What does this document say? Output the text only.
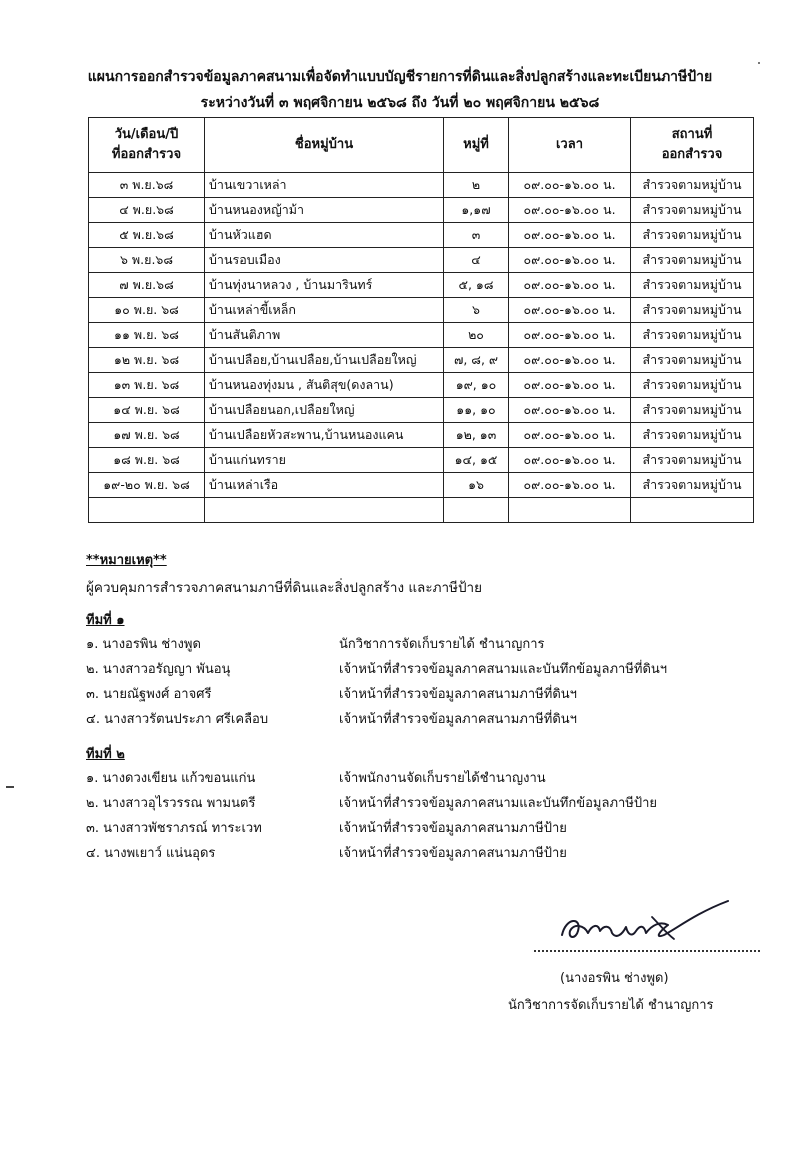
แผนการออกสำรวจข้อมูลภาคสนามเพื่อจัดทำแบบบัญชีรายการที่ดินและสิ่งปลูกสร้างและทะเบียนภาษีป้าย
ระหว่างวันที่ ๓ พฤศจิกายน ๒๕๖๘ ถึง วันที่ ๒๐ พฤศจิกายน ๒๕๖๘
วัน/เดือน/ปี
ที่ออกสำรวจ	ชื่อหมู่บ้าน	หมู่ที่	เวลา	สถานที่
ออกสำรวจ
๓ พ.ย.๖๘	บ้านเขวาเหล่า	๒	๐๙.๐๐-๑๖.๐๐ น.	สำรวจตามหมู่บ้าน
๔ พ.ย.๖๘	บ้านหนองหญ้าม้า	๑,๑๗	๐๙.๐๐-๑๖.๐๐ น.	สำรวจตามหมู่บ้าน
๕ พ.ย.๖๘	บ้านหัวแฮด	๓	๐๙.๐๐-๑๖.๐๐ น.	สำรวจตามหมู่บ้าน
๖ พ.ย.๖๘	บ้านรอบเมือง	๔	๐๙.๐๐-๑๖.๐๐ น.	สำรวจตามหมู่บ้าน
๗ พ.ย.๖๘	บ้านทุ่งนาหลวง , บ้านมารินทร์	๕, ๑๘	๐๙.๐๐-๑๖.๐๐ น.	สำรวจตามหมู่บ้าน
๑๐ พ.ย. ๖๘	บ้านเหล่าขี้เหล็ก	๖	๐๙.๐๐-๑๖.๐๐ น.	สำรวจตามหมู่บ้าน
๑๑ พ.ย. ๖๘	บ้านสันติภาพ	๒๐	๐๙.๐๐-๑๖.๐๐ น.	สำรวจตามหมู่บ้าน
๑๒ พ.ย. ๖๘	บ้านเปลือย,บ้านเปลือย,บ้านเปลือยใหญ่	๗, ๘, ๙	๐๙.๐๐-๑๖.๐๐ น.	สำรวจตามหมู่บ้าน
๑๓ พ.ย. ๖๘	บ้านหนองทุ่งมน , สันติสุข(ดงลาน)	๑๙, ๑๐	๐๙.๐๐-๑๖.๐๐ น.	สำรวจตามหมู่บ้าน
๑๔ พ.ย. ๖๘	บ้านเปลือยนอก,เปลือยใหญ่	๑๑, ๑๐	๐๙.๐๐-๑๖.๐๐ น.	สำรวจตามหมู่บ้าน
๑๗ พ.ย. ๖๘	บ้านเปลือยหัวสะพาน,บ้านหนองแคน	๑๒, ๑๓	๐๙.๐๐-๑๖.๐๐ น.	สำรวจตามหมู่บ้าน
๑๘ พ.ย. ๖๘	บ้านแก่นทราย	๑๔, ๑๕	๐๙.๐๐-๑๖.๐๐ น.	สำรวจตามหมู่บ้าน
๑๙-๒๐ พ.ย. ๖๘	บ้านเหล่าเรือ	๑๖	๐๙.๐๐-๑๖.๐๐ น.	สำรวจตามหมู่บ้าน

**หมายเหตุ**
ผู้ควบคุมการสำรวจภาคสนามภาษีที่ดินและสิ่งปลูกสร้าง และภาษีป้าย
ทีมที่ ๑
๑. นางอรพิน ช่างพูด	นักวิชาการจัดเก็บรายได้ ชำนาญการ
๒. นางสาวอรัญญา พันอนุ	เจ้าหน้าที่สำรวจข้อมูลภาคสนามและบันทึกข้อมูลภาษีที่ดินฯ
๓. นายณัฐพงศ์ อาจศรี	เจ้าหน้าที่สำรวจข้อมูลภาคสนามภาษีที่ดินฯ
๔. นางสาวรัตนประภา ศรีเคลือบ	เจ้าหน้าที่สำรวจข้อมูลภาคสนามภาษีที่ดินฯ
ทีมที่ ๒
๑. นางดวงเขียน แก้วขอนแก่น	เจ้าพนักงานจัดเก็บรายได้ชำนาญงาน
๒. นางสาวอุไรวรรณ พามนตรี	เจ้าหน้าที่สำรวจข้อมูลภาคสนามและบันทึกข้อมูลภาษีป้าย
๓. นางสาวพัชราภรณ์ ทาระเวท	เจ้าหน้าที่สำรวจข้อมูลภาคสนามภาษีป้าย
๔. นางพเยาว์ แน่นอุดร	เจ้าหน้าที่สำรวจข้อมูลภาคสนามภาษีป้าย
(นางอรพิน ช่างพูด)
นักวิชาการจัดเก็บรายได้ ชำนาญการ
